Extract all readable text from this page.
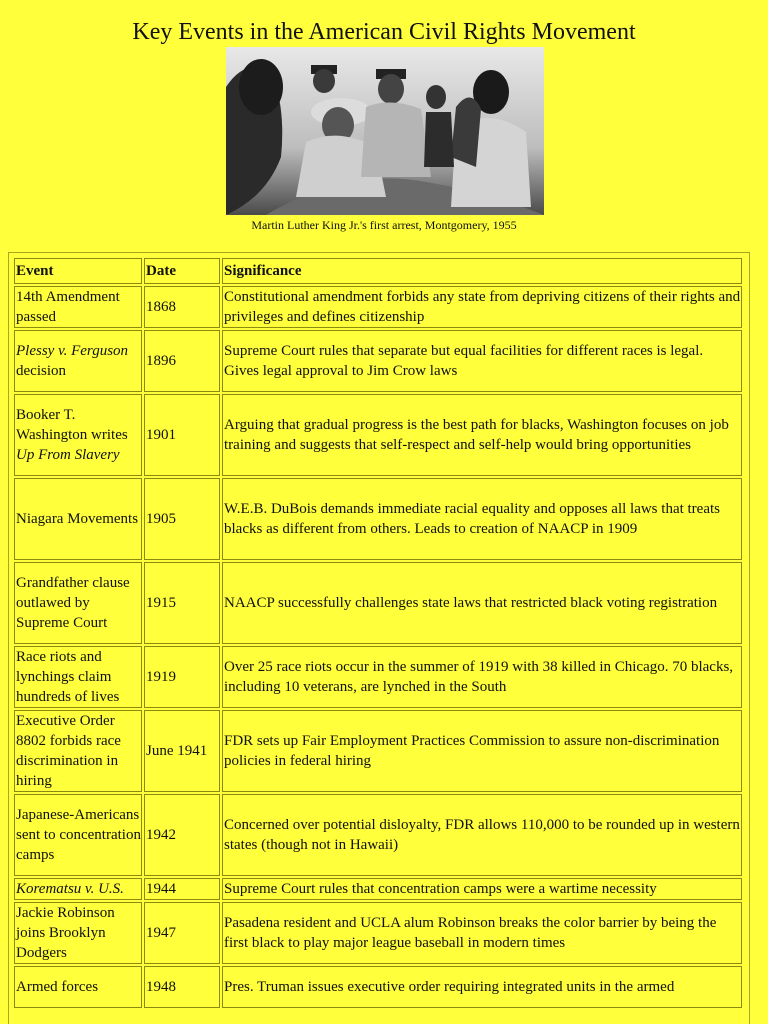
Key Events in the American Civil Rights Movement
Martin Luther King Jr.'s first arrest, Montgomery, 1955
Event	Date	Significance
14th Amendment passed	1868	Constitutional amendment forbids any state from depriving citizens of their rights and privileges and defines citizenship
Plessy v. Ferguson decision	1896	Supreme Court rules that separate but equal facilities for different races is legal. Gives legal approval to Jim Crow laws
Booker T. Washington writes Up From Slavery	1901	Arguing that gradual progress is the best path for blacks, Washington focuses on job training and suggests that self-respect and self-help would bring opportunities
Niagara Movements	1905	W.E.B. DuBois demands immediate racial equality and opposes all laws that treats blacks as different from others. Leads to creation of NAACP in 1909
Grandfather clause outlawed by Supreme Court	1915	NAACP successfully challenges state laws that restricted black voting registration
Race riots and lynchings claim hundreds of lives	1919	Over 25 race riots occur in the summer of 1919 with 38 killed in Chicago. 70 blacks, including 10 veterans, are lynched in the South
Executive Order 8802 forbids race discrimination in hiring	June 1941	FDR sets up Fair Employment Practices Commission to assure non-discrimination policies in federal hiring
Japanese-Americans sent to concentration camps	1942	Concerned over potential disloyalty, FDR allows 110,000 to be rounded up in western states (though not in Hawaii)
Korematsu v. U.S.	1944	Supreme Court rules that concentration camps were a wartime necessity
Jackie Robinson joins Brooklyn Dodgers	1947	Pasadena resident and UCLA alum Robinson breaks the color barrier by being the first black to play major league baseball in modern times
Armed forces	1948	Pres. Truman issues executive order requiring integrated units in the armed
